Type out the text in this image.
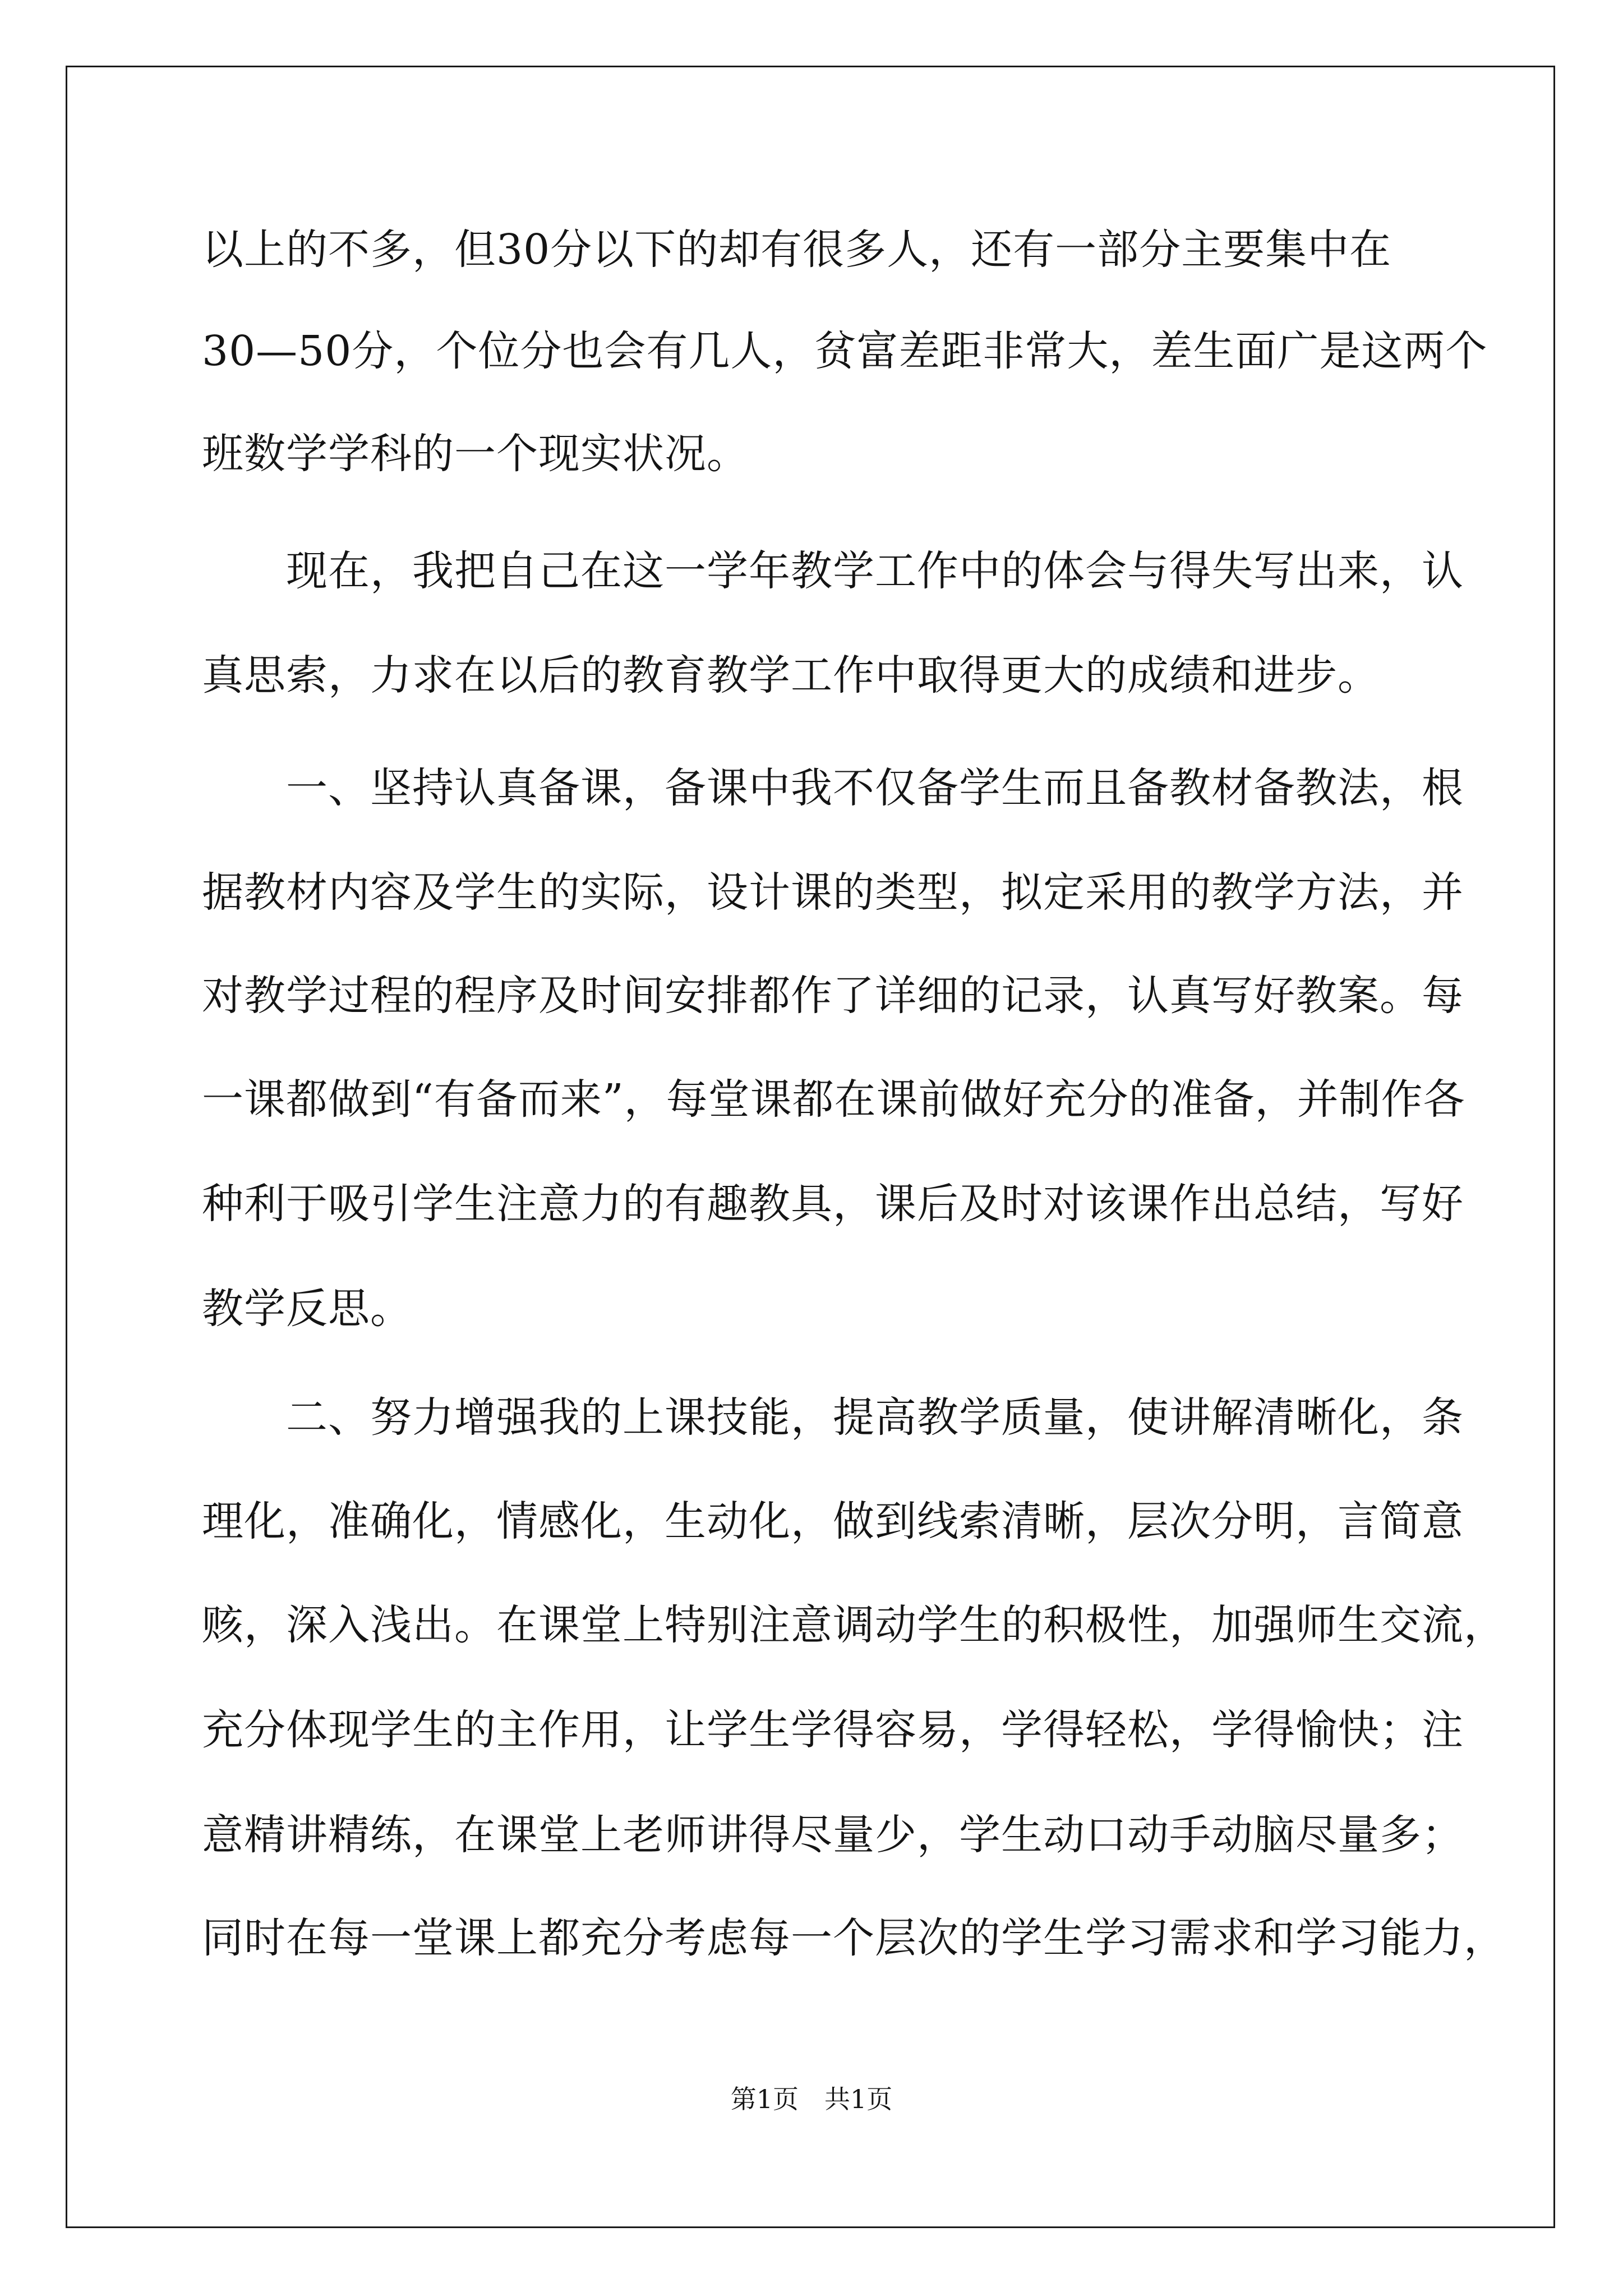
以上的不多，但30分以下的却有很多人，还有一部分主要集中在
30—50分，个位分也会有几人，贫富差距非常大，差生面广是这两个
班数学学科的一个现实状况。
　　现在，我把自己在这一学年教学工作中的体会与得失写出来，认
真思索，力求在以后的教育教学工作中取得更大的成绩和进步。
　　一、坚持认真备课，备课中我不仅备学生而且备教材备教法，根
据教材内容及学生的实际，设计课的类型，拟定采用的教学方法，并
对教学过程的程序及时间安排都作了详细的记录，认真写好教案。每
一课都做到“有备而来”，每堂课都在课前做好充分的准备，并制作各
种利于吸引学生注意力的有趣教具，课后及时对该课作出总结，写好
教学反思。
　　二、努力增强我的上课技能，提高教学质量，使讲解清晰化，条
理化，准确化，情感化，生动化，做到线索清晰，层次分明，言简意
赅，深入浅出。在课堂上特别注意调动学生的积极性，加强师生交流，
充分体现学生的主作用，让学生学得容易，学得轻松，学得愉快；注
意精讲精练，在课堂上老师讲得尽量少，学生动口动手动脑尽量多；
同时在每一堂课上都充分考虑每一个层次的学生学习需求和学习能力，
第1页　共1页
